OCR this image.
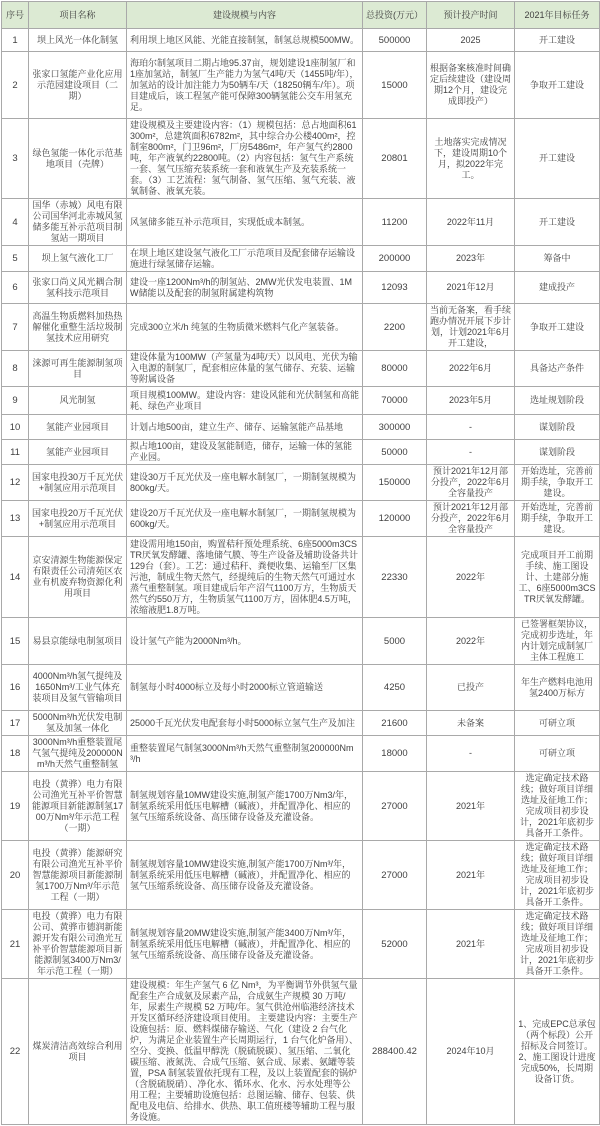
序号	项目名称	建设规模与内容	总投资(万元）	预计投产时间	2021年目标任务
1	坝上风光一体化制氢	利用坝上地区风能、光能直接制氢，制氢总规模500MW。	500000	2025	开工建设
2	张家口氢能产业化应用示范园建设项目（二期）	海珀尔制氢项目二期占地95.37亩，规划建设1座制氢厂和1座加氢站，制氢厂生产能力为氢气4吨/天（1455吨/年），加氢站的设计加注能力为50辆车/天（18250辆车/年）。项目建成后，该工程氢产能可保障300辆氢能公交车用氢充足。	15000	根据备案核准时间确定后续建设（建设周期12个月，建设完成即投产）	争取开工建设
3	绿色氢能一体化示范基地项目（壳牌）	建设规模及主要建设内容：（1）规模包括：总占地面积61300m²，总建筑面积6782m²，其中综合办公楼400m²，控制室800m²，门卫96m²，厂房5486m²，年产氢气约2800吨，年产液氧约22800吨。（2）内容包括：氢气生产系统一套、氢气压缩充装系统一套和液氧生产及充装系统一套。（3）工艺流程：氢气制备、氢气压缩、氢气充装、液氧制备、液氧充装。	20801	土地落实完成情况下，建设周期10个月，拟2022年完工。	开工建设
4	国华（赤城）风电有限公司国华河北赤城风氢储多能互补示范项目制氢站一期项目	风氢储多能互补示范项目，实现低成本制氢。	11200	2022年11月	开工建设
5	坝上氢气液化工厂	在坝上地区建设氢气液化工厂示范项目及配套储存运输设施进行绿氢储存运输。	200000	2023年	筹备中
6	张家口尚义风光耦合制氢科技示范项目	建设一座1200Nm³/h的制氢站、2MW光伏发电装置、1MW储能以及配套的制氢附属建构筑物	12093	2021年12月	建成投产
7	高温生物质燃料加热热解催化重整生活垃圾制氢技术应用研究	完成300立米/h 纯氢的生物质微米燃料气化产氢装备。	2200	当前无备案，看手续跑办情况开展下步计划，计划2021年6月开工建设，	争取开工建设
8	涞源可再生能源制氢项目	建设体量为100MW（产氢量为4吨/天）以风电、光伏为输入电源的制氢厂，配套相应体量的氢气储存、充装、运输等附属设备	80000	2022年6月	具备达产条件
9	风光制氢	项目规模100MW。建设内容：建设风能和光伏制氢和高能耗、绿色产业项目	70000	2023年5月	选址规划阶段
10	氢能产业园项目	计划占地500亩，建立生产、储存、运输氢能产品基地	300000	-	谋划阶段
11	氢能产业园项目	拟占地100亩，建设及氢能制造，储存，运输一体的氢能产业园。	50000	-	谋划阶段
12	国家电投30万千瓦光伏+制氢应用示范项目	建设30万千瓦光伏及一座电解水制氢厂，一期制氢规模为800kg/天。	150000	预计2021年12月部分投产，2022年6月全容量投产	开始选址，完善前期手续，争取开工建设。
13	国家电投20万千瓦光伏+制氢应用示范项目	建设20万千瓦光伏及一座电解水制氢厂，一期制氢规模为600kg/天。	120000	预计2021年12月部分投产，2022年6月全容量投产	开始选址，完善前期手续，争取开工建设。
14	京安清源生物能源保定有限责任公司清苑区农业有机废弃物资源化利用项目	建设需用地150亩，购置秸秆预处理系统、6座5000m3CSTR厌氧发酵罐、落地储气膜、等生产设备及辅助设备共计129台（套）。工艺：通过秸秆、粪便收集、运输至厂区集污池，制成生物天然气，经提纯后的生物天然气可通过水蒸气重整制氢。项目建成后年产沼气1100万方，生物质天然气约550万方，生物质氢气1100万方，固体肥4.5万吨，浓缩液肥1.8万吨。	22330	2022年	完成项目开工前期手续、施工图设计、土建部分施工、6座5000m3CSTR厌氧发酵罐。
15	易县京能绿电制氢项目	设计氢气产能为2000Nm³/h。	5000	2022年	已签署框架协议，完成初步选址，年内计划完成制氢厂主体工程施工
16	4000Nm³/h氢气提纯及1650Nm³/工业气体充装项目及氢气管输项目	制氢每小时4000标立及每小时2000标立管道输送	4250	已投产	年生产燃料电池用氢2400万标方
17	5000Nm³/h光伏发电制氢及加氢一体化	25000千瓦光伏发电配套每小时5000标立氢气生产及加注	21600	未备案	可研立项
18	3000Nm³/h重整装置尾气氢气提纯及200000Nm³/h天然气重整制氢	重整装置尾气制氢3000Nm³/h天然气重整制氢200000Nm³/h	18000	-	可研立项
19	电投（黄骅）电力有限公司渔光互补平价智慧能源项目新能源制氢1700万Nm³/年示范工程（一期）	制氢规划容量10MW建设实施,制氢产能1700万Nm3/年，制氢系统采用低压电解槽（碱液），并配置净化、相应的氢气压缩系统设备、高压储存设备及充灌设备。	27000	2021年	选定确定技术路线；做好项目详细选址及征地工作；完成项目初步设计，2021年底初步具备开工条件。
20	电投（黄骅）能源研究有限公司渔光互补平价智慧能源项目新能源制氢1700万Nm³/年示范工程（一期）	制氢规划容量10MW建设实施,制氢产能1700万Nm³/年，制氢系统采用低压电解槽（碱液），并配置净化、相应的氢气压缩系统设备、高压储存设备及充灌设备。	27000	2021年	选定确定技术路线；做好项目详细选址及征地工作；完成项目初步设计，2021年底初步具备开工条件。
21	电投（黄骅）电力有限公司、黄骅市德润新能源开发有限公司渔光互补平价智慧能源项目新能源制氢3400万Nm3/年示范工程（一期）	制氢规划容量20MW建设实施,制氢产能3400万Nm³/年，制氢系统采用低压电解槽（碱液），并配置净化、相应的氢气压缩系统设备、高压储存设备及充灌设备。	52000	2021年	选定确定技术路线；做好项目详细选址及征地工作；完成项目初步设计，2021年底初步具备开工条件。
22	煤炭清洁高效综合利用项目	建设规模：年生产氢气 6 亿 Nm³，为平衡调节外供氢气量配套生产合成氨及尿素产品，合成氨生产规模 30 万吨/年，尿素生产规模 52 万吨/年。氢气供沧州临港经济技术开发区循环经济建设项目使用。 主要建设内容：主要生产设施包括：原、燃料煤储存输送、气化（建设 2 台气化炉，为满足企业装置生产长周期运行，1 台气化炉备用）、空分、变换、低温甲醇洗（脱硫脱碳）、氢压缩、二氧化碳压缩、液氮洗、合成气压缩、氨合成、尿素、氨罐等装置，PSA 制氢装置依托现有工程，及以上装置配套的锅炉（含脱硫脱硝）、净化水、循环水、化水、污水处理等公用工程；主要辅助设施包括：总图运输、储存、包装、供配电及电信、给排水、供热、职工值班楼等辅助工程与服务设施。	288400.42	2024年10月	1、完成EPC总承包（两个标段）公开招标及合同签订。 2、施工图设计进度完成50%，长周期设备订货。
